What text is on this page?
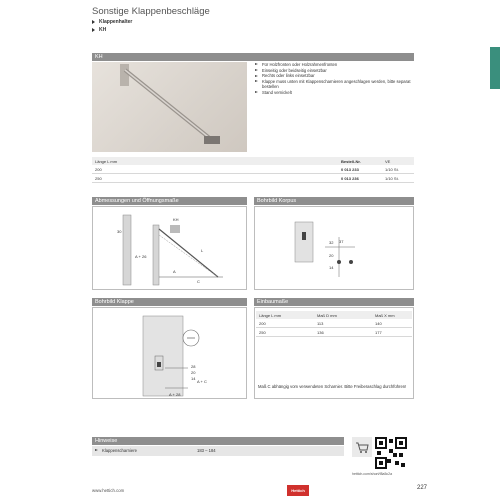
Sonstige Klappenbeschläge
Klappenhalter
KH
KH
Für Holzfronten oder Holzrahmenfronten
Einseitig oder beidseitig einsetzbar
Rechts oder links einsetzbar
Klappe muss unten mit Klappenscharnieren angeschlagen werden, bitte separat bestellen
Stand vernickelt
Länge L mm	Bestell-Nr.	VE
200	0 013 233	1/10 St.
250	0 013 236	1/10 St.
Abmessungen und Öffnungsmaße
30
KH
A + 26
L
A
C
Bohrbild Korpus
37
32
20
14
Bohrbild Klappe
28
20
14
A + C
A + 28
Einbaumaße
Länge L mm	Maß D mm	Maß X mm
200	113	140
250	136	177
Maß C abhängig vom verwendeten Scharnier. Bitte Freiberaschlag durchführen!
Hinweise
Klappenscharniere	183 – 184
hettich.com/short/f8a5c2a
www.hettich.com	Hettich	227
